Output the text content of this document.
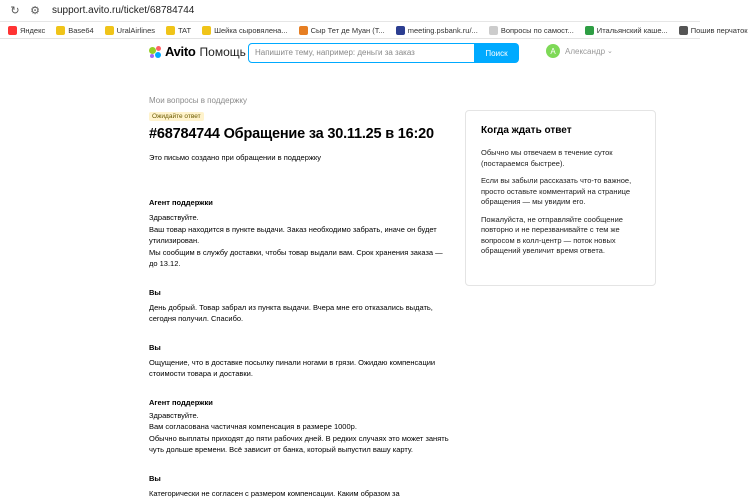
↻ ⚙ support.avito.ru/ticket/68784744
Яндекс	Base64	UralAirlines	TAT	Шейка сыровялена...	Сыр Тет де Муан (Т...	meeting.psbank.ru/...	Вопросы по самост...	Итальянский каше...	Пошив перчаток
Avito Помощь	Напишите тему, например: деньги за заказ	Поиск	А	Александр ⌄
Мои вопросы в поддержку
Ожидайте ответ
#68784744 Обращение за 30.11.25 в 16:20
Это письмо создано при обращении в поддержку
Агент поддержки
Здравствуйте.
Ваш товар находится в пункте выдачи. Заказ необходимо забрать, иначе он будет утилизирован.
Мы сообщим в службу доставки, чтобы товар выдали вам. Срок хранения заказа — до 13.12.
Вы
День добрый. Товар забрал из пункта выдачи. Вчера мне его отказались выдать, сегодня получил. Спасибо.
Вы
Ощущение, что в доставке посылку пинали ногами в грязи. Ожидаю компенсации стоимости товара и доставки.
Агент поддержки
Здравствуйте.
Вам согласована частичная компенсация в размере 1000р.
Обычно выплаты приходят до пяти рабочих дней. В редких случаях это может занять чуть дольше времени. Всё зависит от банка, который выпустил вашу карту.
Вы
Категорически не согласен с размером компенсации. Каким образом за
Когда ждать ответ
Обычно мы отвечаем в течение суток (постараемся быстрее).
Если вы забыли рассказать что-то важное, просто оставьте комментарий на странице обращения — мы увидим его.
Пожалуйста, не отправляйте сообщение повторно и не перезванивайте с тем же вопросом в колл-центр — поток новых обращений увеличит время ответа.
